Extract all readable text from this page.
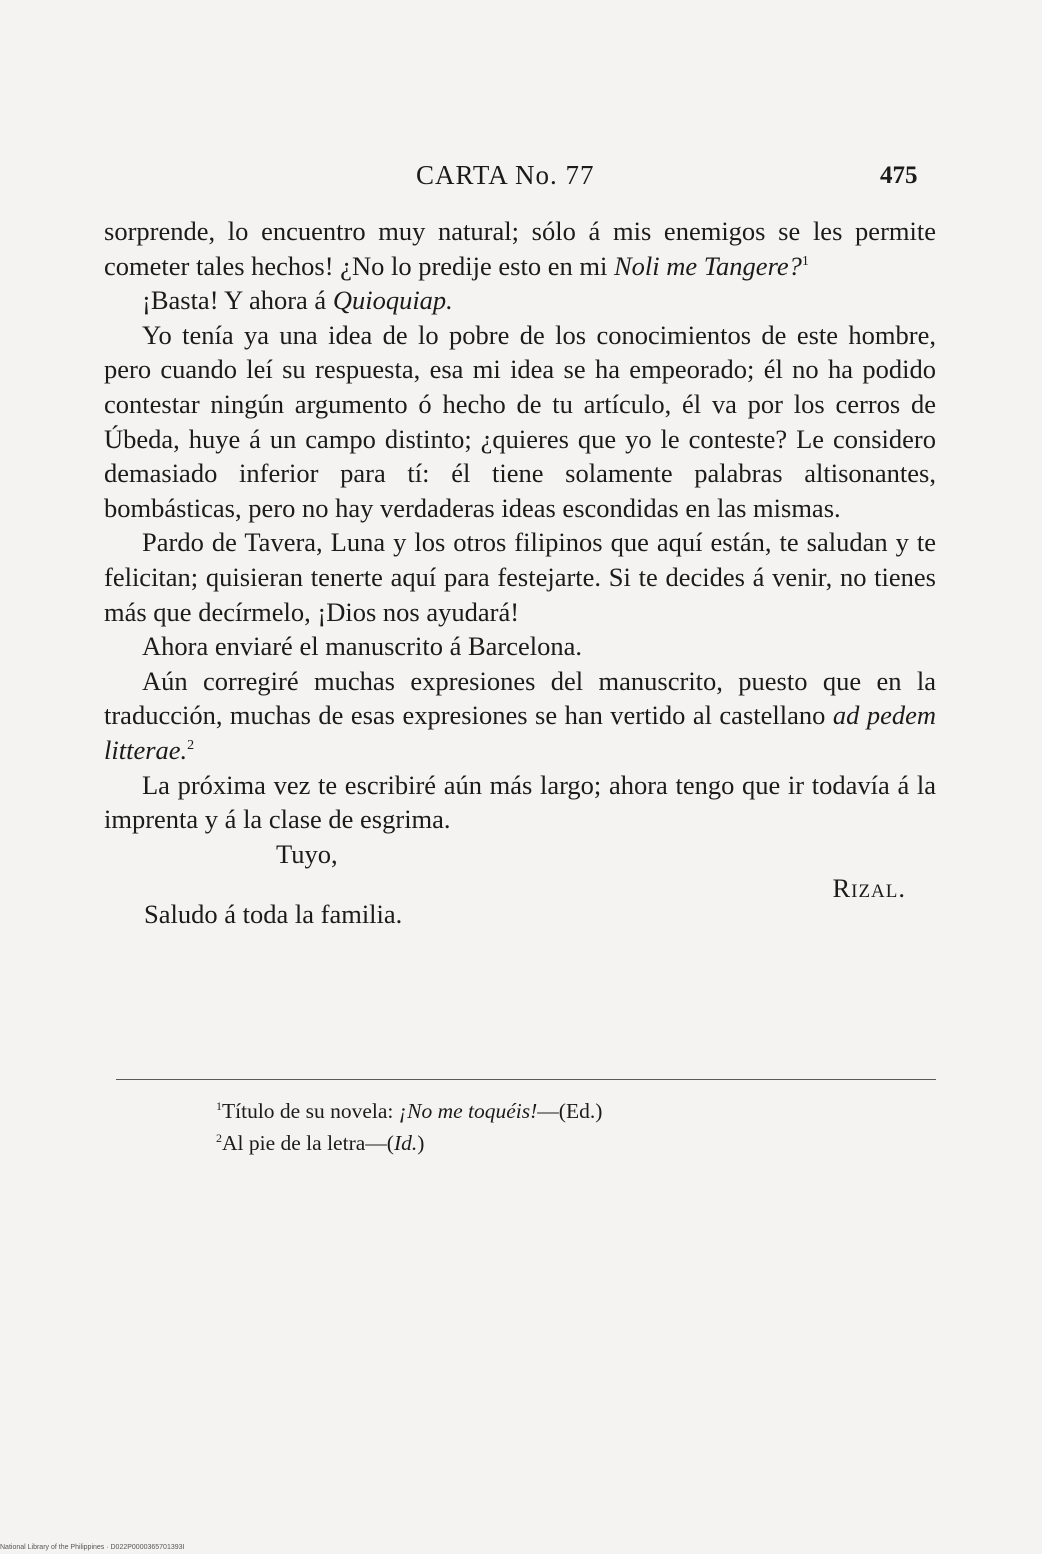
CARTA No. 77	475

sorprende, lo encuentro muy natural; sólo á mis enemigos se les permite cometer tales hechos! ¿No lo predije esto en mi Noli me Tangere?$^1$

¡Basta! Y ahora á Quioquiap.

Yo tenía ya una idea de lo pobre de los conocimientos de este hombre, pero cuando leí su respuesta, esa mi idea se ha empeorado; él no ha podido contestar ningún argumento ó hecho de tu artículo, él va por los cerros de Úbeda, huye á un campo distinto; ¿quieres que yo le conteste? Le considero demasiado inferior para tí: él tiene solamente palabras altisonantes, bombásticas, pero no hay verdaderas ideas escondidas en las mismas.

Pardo de Tavera, Luna y los otros filipinos que aquí están, te saludan y te felicitan; quisieran tenerte aquí para festejarte. Si te decides á venir, no tienes más que decírmelo, ¡Dios nos ayudará!

Ahora enviaré el manuscrito á Barcelona.

Aún corregiré muchas expresiones del manuscrito, puesto que en la traducción, muchas de esas expresiones se han vertido al castellano ad pedem litterae.$^2$

La próxima vez te escribiré aún más largo; ahora tengo que ir todavía á la imprenta y á la clase de esgrima.

Tuyo,
Rizal.
Saludo á toda la familia.
$^1$Título de su novela: ¡No me toquéis!—(Ed.)
$^2$Al pie de la letra—(Id.)
National Library of the Philippines · D022P0000365701393I
